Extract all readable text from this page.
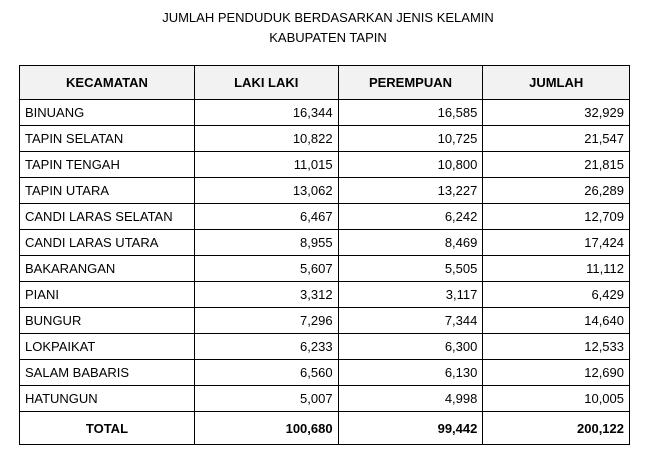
JUMLAH PENDUDUK BERDASARKAN JENIS KELAMIN
KABUPATEN TAPIN
KECAMATAN	LAKI LAKI	PEREMPUAN	JUMLAH
BINUANG	16,344	16,585	32,929
TAPIN SELATAN	10,822	10,725	21,547
TAPIN TENGAH	11,015	10,800	21,815
TAPIN UTARA	13,062	13,227	26,289
CANDI LARAS SELATAN	6,467	6,242	12,709
CANDI LARAS UTARA	8,955	8,469	17,424
BAKARANGAN	5,607	5,505	11,112
PIANI	3,312	3,117	6,429
BUNGUR	7,296	7,344	14,640
LOKPAIKAT	6,233	6,300	12,533
SALAM BABARIS	6,560	6,130	12,690
HATUNGUN	5,007	4,998	10,005
TOTAL	100,680	99,442	200,122
